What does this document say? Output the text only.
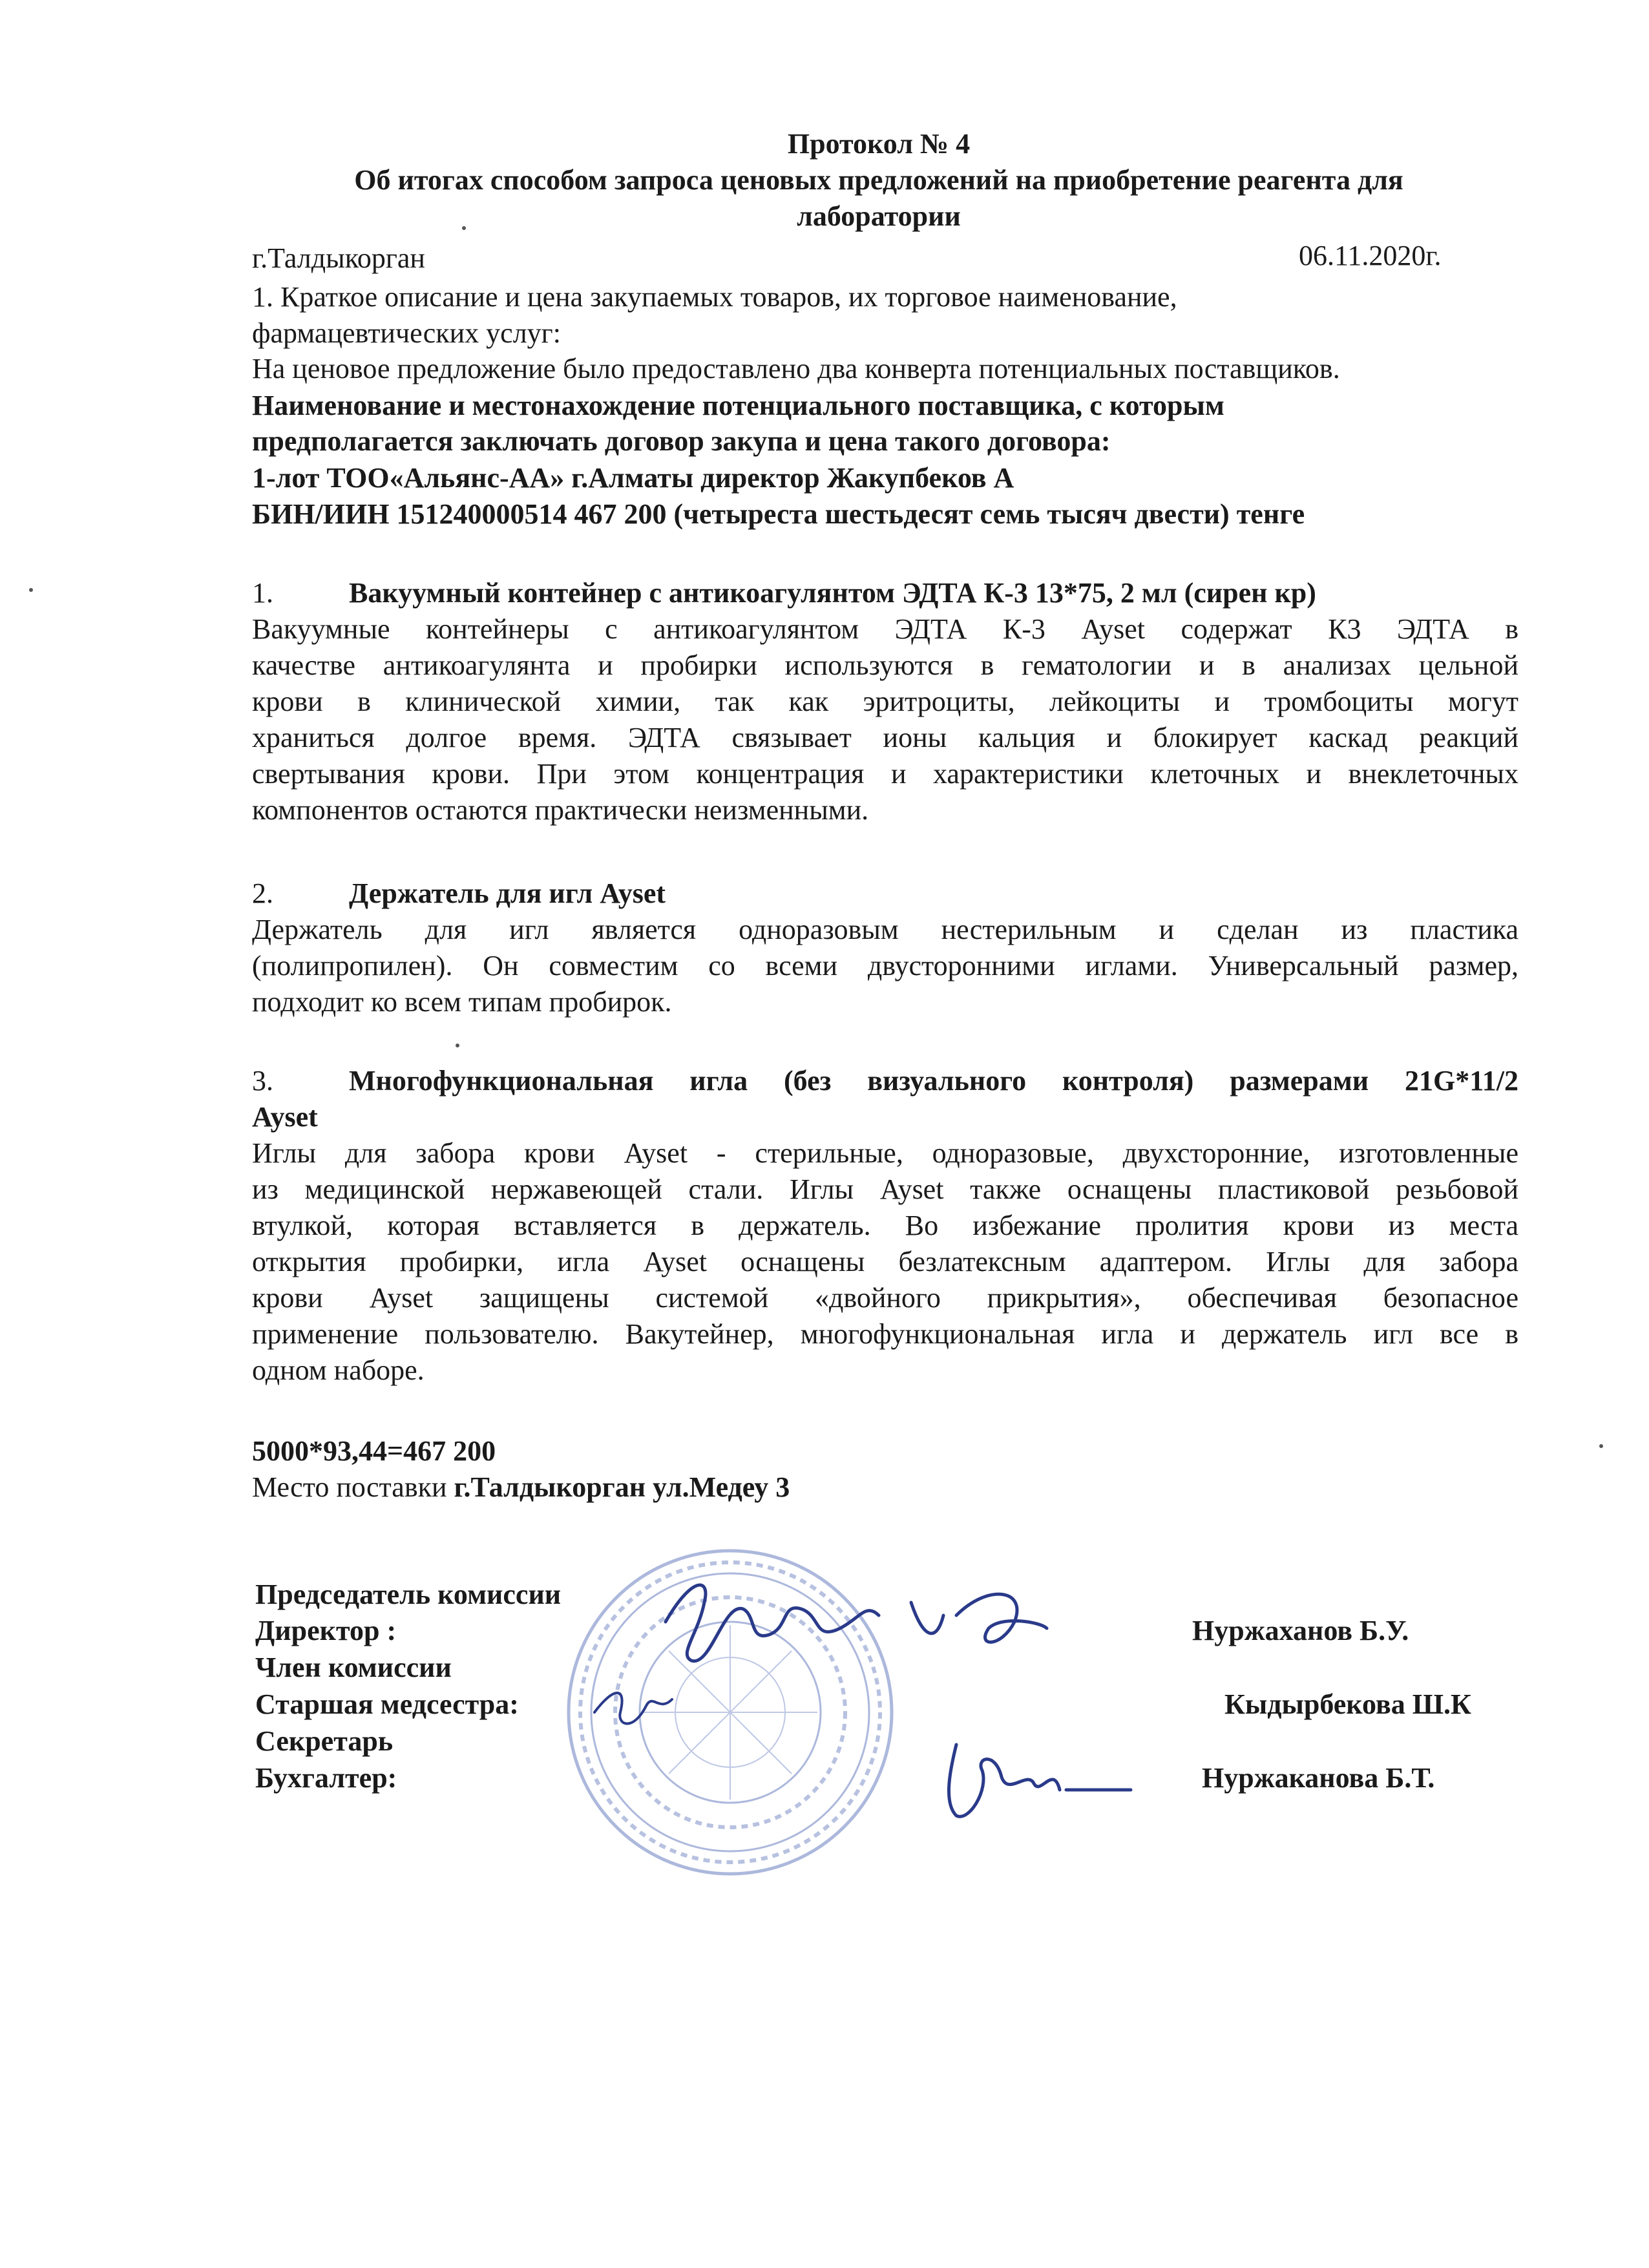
Протокол № 4
Об итогах способом запроса ценовых предложений на приобретение реагента для
лаборатории
г.Талдыкорган	06.11.2020г.
1. Краткое описание и цена закупаемых товаров, их торговое наименование,
фармацевтических услуг:
На ценовое предложение было предоставлено два конверта потенциальных поставщиков.
Наименование и местонахождение потенциального поставщика, с которым
предполагается заключать договор закупа и цена такого договора:
1-лот ТОО«Альянс-АА» г.Алматы директор Жакупбеков А
БИН/ИИН 151240000514 467 200 (четыреста шестьдесят семь тысяч двести) тенге
1.	Вакуумный контейнер с антикоагулянтом ЭДТА К-3 13*75, 2 мл (сирен кр)
Вакуумные контейнеры с антикоагулянтом ЭДТА К-3 Ayset содержат К3 ЭДТА в
качестве антикоагулянта и пробирки используются в гематологии и в анализах цельной
крови в клинической химии, так как эритроциты, лейкоциты и тромбоциты могут
храниться долгое время. ЭДТА связывает ионы кальция и блокирует каскад реакций
свертывания крови. При этом концентрация и характеристики клеточных и внеклеточных
компонентов остаются практически неизменными.
2.	Держатель для игл Ayset
Держатель для игл является одноразовым нестерильным и сделан из пластика
(полипропилен). Он совместим со всеми двусторонними иглами. Универсальный размер,
подходит ко всем типам пробирок.
3.	Многофункциональная игла (без визуального контроля) размерами 21G*11/2
Ayset
Иглы для забора крови Ayset - стерильные, одноразовые, двухсторонние, изготовленные
из медицинской нержавеющей стали. Иглы Ayset также оснащены пластиковой резьбовой
втулкой, которая вставляется в держатель. Во избежание пролития крови из места
открытия пробирки, игла Ayset оснащены безлатексным адаптером. Иглы для забора
крови Ayset защищены системой «двойного прикрытия», обеспечивая безопасное
применение пользователю. Вакутейнер, многофункциональная игла и держатель игл все в
одном наборе.
5000*93,44=467 200
Место поставки г.Талдыкорган ул.Медеу 3
Председатель комиссии
Директор :	Нуржаханов Б.У.
Член комиссии
Старшая медсестра:	Кыдырбекова Ш.К
Секретарь
Бухгалтер:	Нуржаканова Б.Т.
